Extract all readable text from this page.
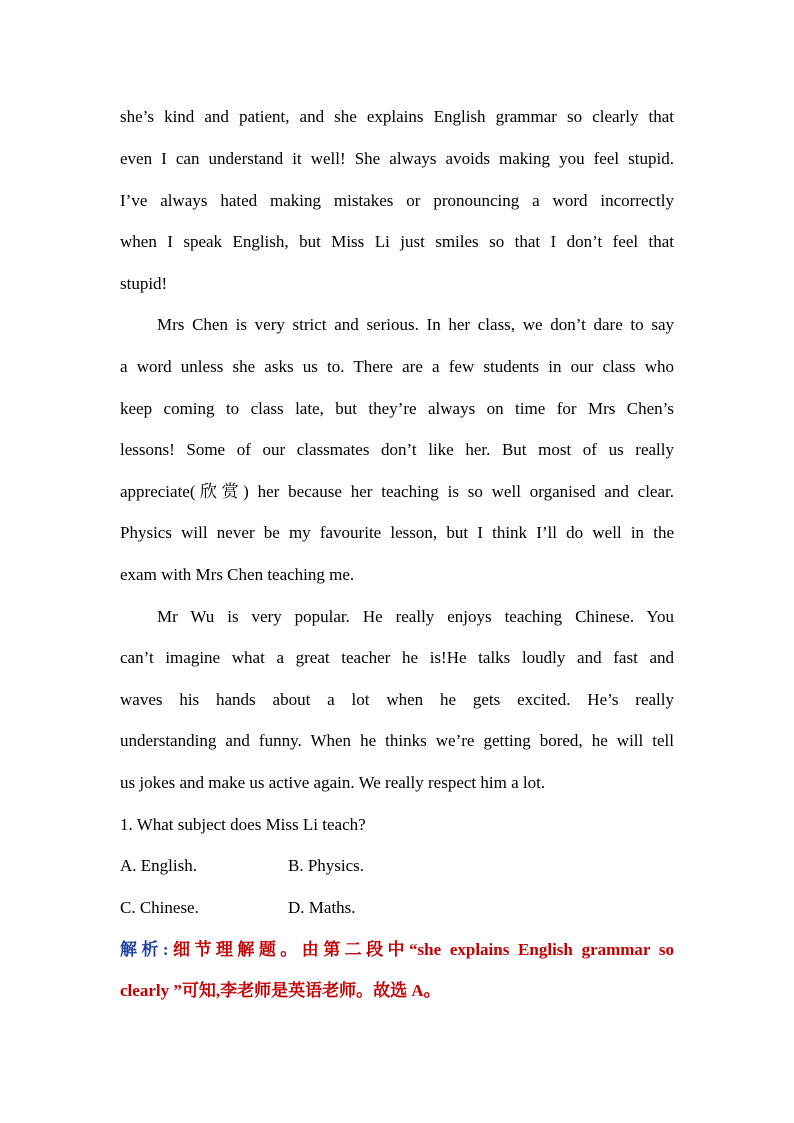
she’s kind and patient, and she explains English grammar so clearly that
even I can understand it well! She always avoids making you feel stupid.
I’ve always hated making mistakes or pronouncing a word incorrectly
when I speak English, but Miss Li just smiles so that I don’t feel that
stupid!
Mrs Chen is very strict and serious. In her class, we don’t dare to say
a word unless she asks us to. There are a few students in our class who
keep coming to class late, but they’re always on time for Mrs Chen’s
lessons! Some of our classmates don’t like her. But most of us really
appreciate(欣赏) her because her teaching is so well organised and clear.
Physics will never be my favourite lesson, but I think I’ll do well in the
exam with Mrs Chen teaching me.
Mr Wu is very popular. He really enjoys teaching Chinese. You
can’t imagine what a great teacher he is!He talks loudly and fast and
waves his hands about a lot when he gets excited. He’s really
understanding and funny. When he thinks we’re getting bored, he will tell
us jokes and make us active again. We really respect him a lot.
1. What subject does Miss Li teach?
A. English.	B. Physics.
C. Chinese.	D. Maths.
解析:细节理解题。由第二段中“she explains English grammar so
clearly ”可知,李老师是英语老师。故选 A。
